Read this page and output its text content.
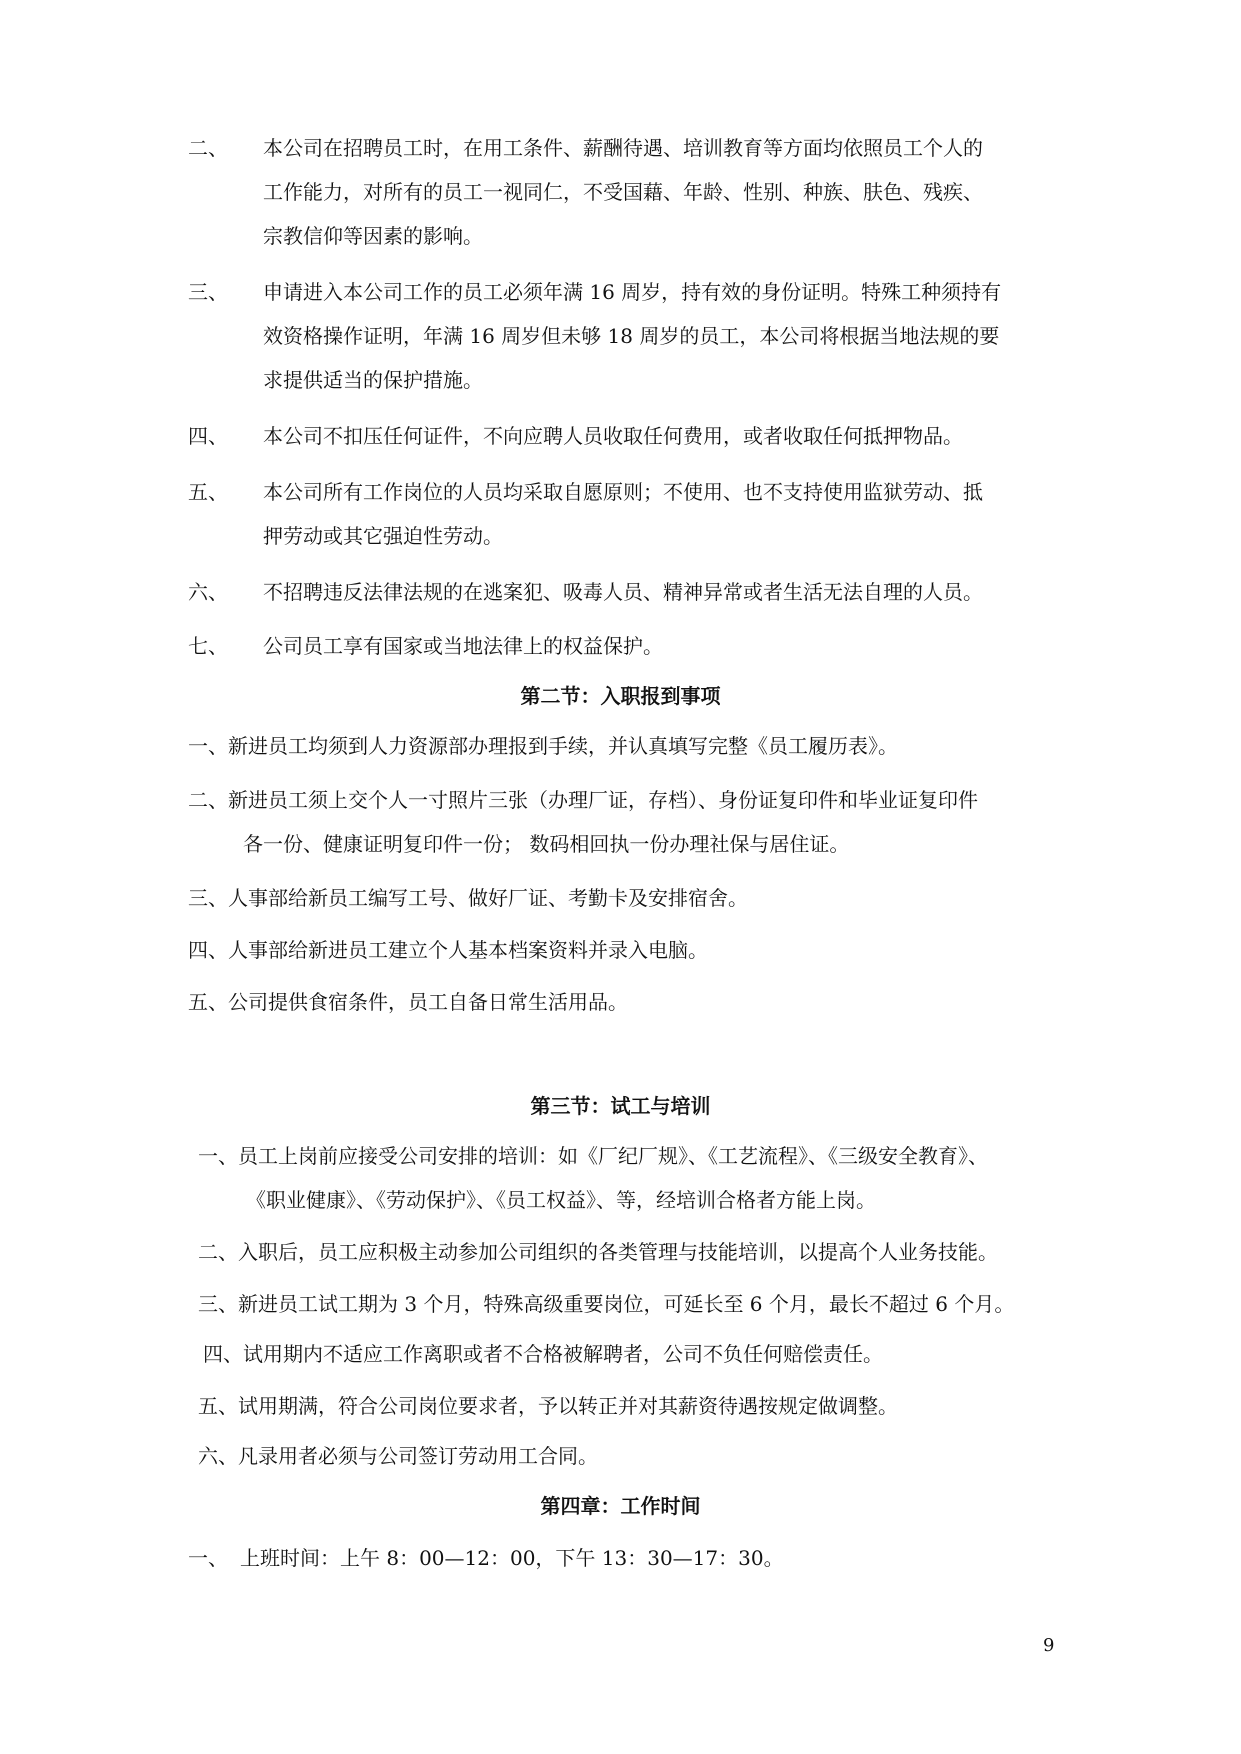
二、 本公司在招聘员工时，在用工条件、薪酬待遇、培训教育等方面均依照员工个人的
工作能力，对所有的员工一视同仁，不受国藉、年龄、性别、种族、肤色、残疾、
宗教信仰等因素的影响。
三、 申请进入本公司工作的员工必须年满 16 周岁，持有效的身份证明。特殊工种须持有
效资格操作证明，年满 16 周岁但未够 18 周岁的员工，本公司将根据当地法规的要
求提供适当的保护措施。
四、 本公司不扣压任何证件，不向应聘人员收取任何费用，或者收取任何抵押物品。
五、 本公司所有工作岗位的人员均采取自愿原则；不使用、也不支持使用监狱劳动、抵
押劳动或其它强迫性劳动。
六、 不招聘违反法律法规的在逃案犯、吸毒人员、精神异常或者生活无法自理的人员。
七、 公司员工享有国家或当地法律上的权益保护。
第二节：入职报到事项
一、新进员工均须到人力资源部办理报到手续，并认真填写完整《员工履历表》。
二、新进员工须上交个人一寸照片三张（办理厂证，存档）、身份证复印件和毕业证复印件
各一份、健康证明复印件一份； 数码相回执一份办理社保与居住证。
三、人事部给新员工编写工号、做好厂证、考勤卡及安排宿舍。
四、人事部给新进员工建立个人基本档案资料并录入电脑。
五、公司提供食宿条件，员工自备日常生活用品。
第三节：试工与培训
一、员工上岗前应接受公司安排的培训：如《厂纪厂规》、《工艺流程》、《三级安全教育》、
《职业健康》、《劳动保护》、《员工权益》、等，经培训合格者方能上岗。
二、入职后，员工应积极主动参加公司组织的各类管理与技能培训，以提高个人业务技能。
三、新进员工试工期为 3 个月，特殊高级重要岗位，可延长至 6 个月，最长不超过 6 个月。
四、试用期内不适应工作离职或者不合格被解聘者，公司不负任何赔偿责任。
五、试用期满，符合公司岗位要求者，予以转正并对其薪资待遇按规定做调整。
六、凡录用者必须与公司签订劳动用工合同。
第四章：工作时间
一、 上班时间：上午 8：00—12：00，下午 13：30—17：30。
9
